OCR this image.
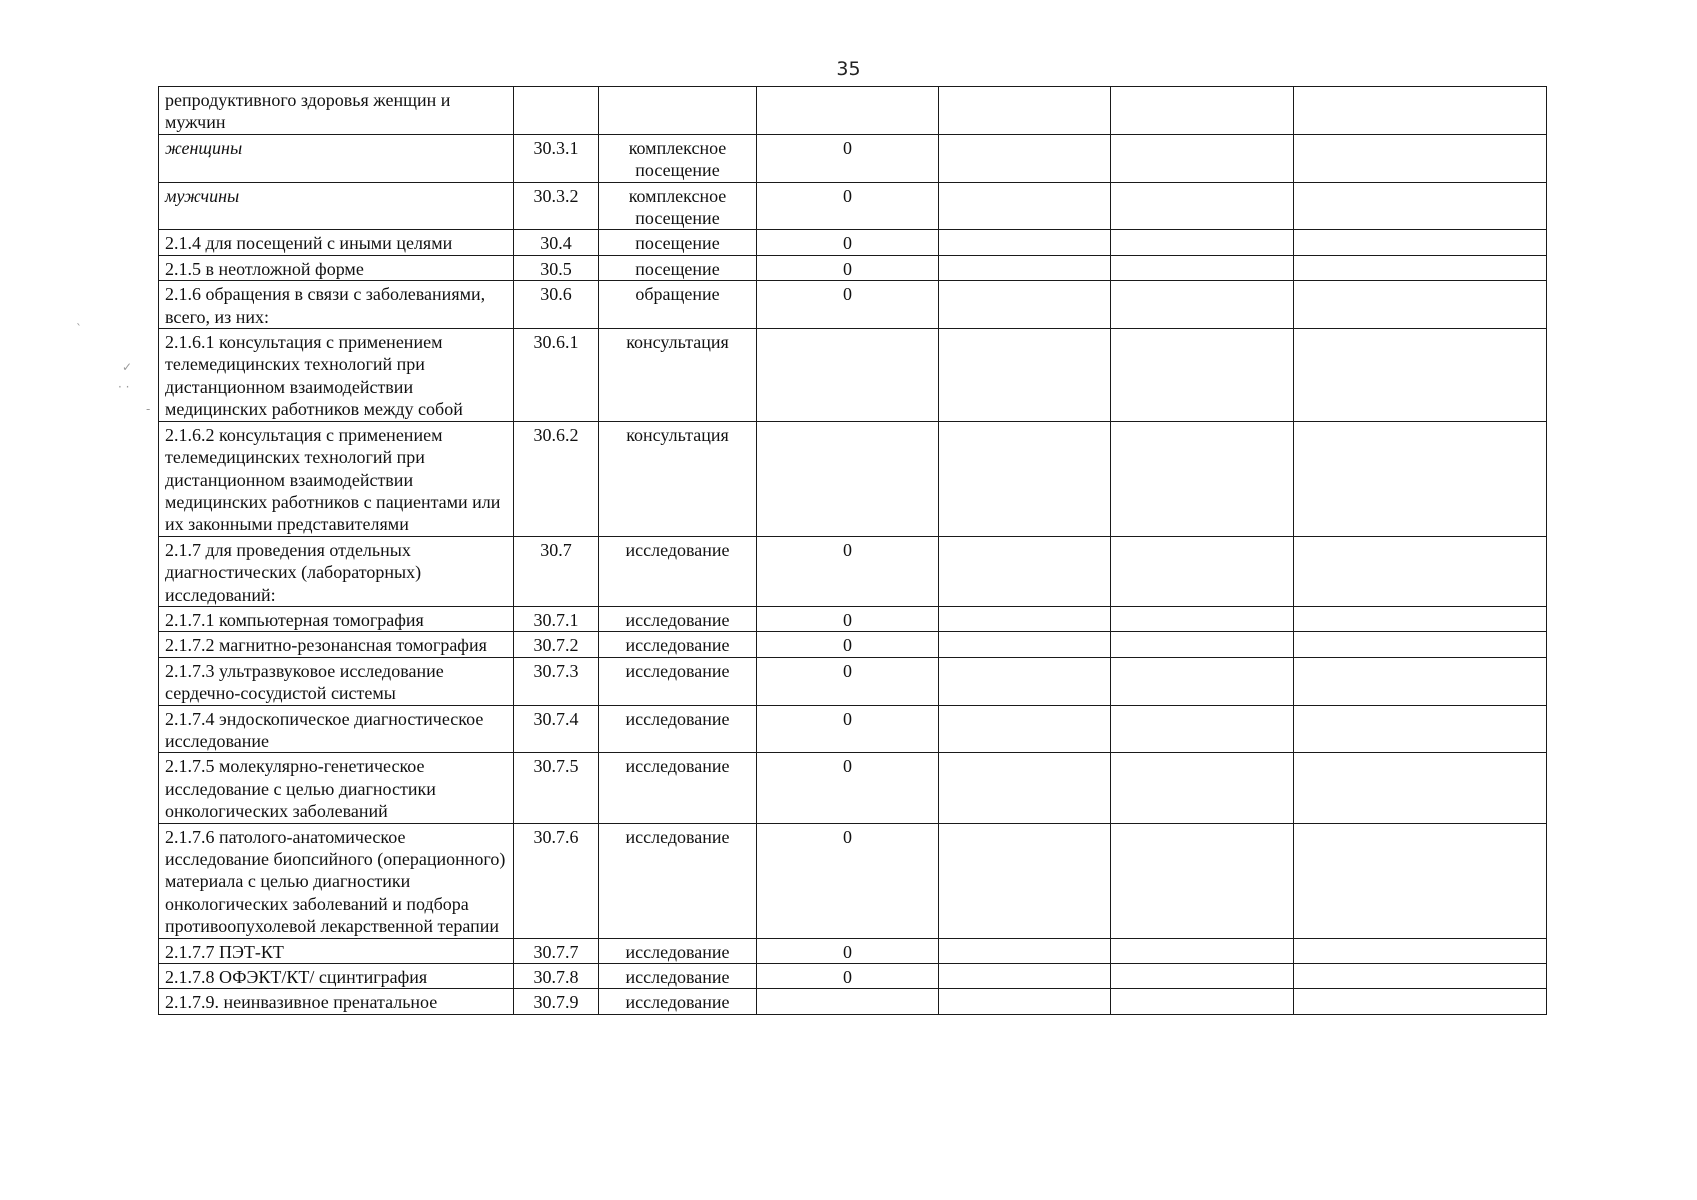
35
`
✓
· ·
-
репродуктивного здоровья женщин и мужчин						
женщины	30.3.1	комплексное посещение	0			
мужчины	30.3.2	комплексное посещение	0			
2.1.4 для посещений с иными целями	30.4	посещение	0			
2.1.5 в неотложной форме	30.5	посещение	0			
2.1.6 обращения в связи с заболеваниями, всего, из них:	30.6	обращение	0			
2.1.6.1 консультация с применением телемедицинских технологий при дистанционном взаимодействии медицинских работников между собой	30.6.1	консультация				
2.1.6.2 консультация с применением телемедицинских технологий при дистанционном взаимодействии медицинских работников с пациентами или их законными представителями	30.6.2	консультация				
2.1.7 для проведения отдельных диагностических (лабораторных) исследований:	30.7	исследование	0			
2.1.7.1 компьютерная томография	30.7.1	исследование	0			
2.1.7.2 магнитно-резонансная томография	30.7.2	исследование	0			
2.1.7.3 ультразвуковое исследование сердечно-сосудистой системы	30.7.3	исследование	0			
2.1.7.4 эндоскопическое диагностическое исследование	30.7.4	исследование	0			
2.1.7.5 молекулярно-генетическое исследование с целью диагностики онкологических заболеваний	30.7.5	исследование	0			
2.1.7.6 патолого-анатомическое исследование биопсийного (операционного) материала с целью диагностики онкологических заболеваний и подбора противоопухолевой лекарственной терапии	30.7.6	исследование	0			
2.1.7.7 ПЭТ-КТ	30.7.7	исследование	0			
2.1.7.8 ОФЭКТ/КТ/ сцинтиграфия	30.7.8	исследование	0			
2.1.7.9. неинвазивное пренатальное	30.7.9	исследование				
